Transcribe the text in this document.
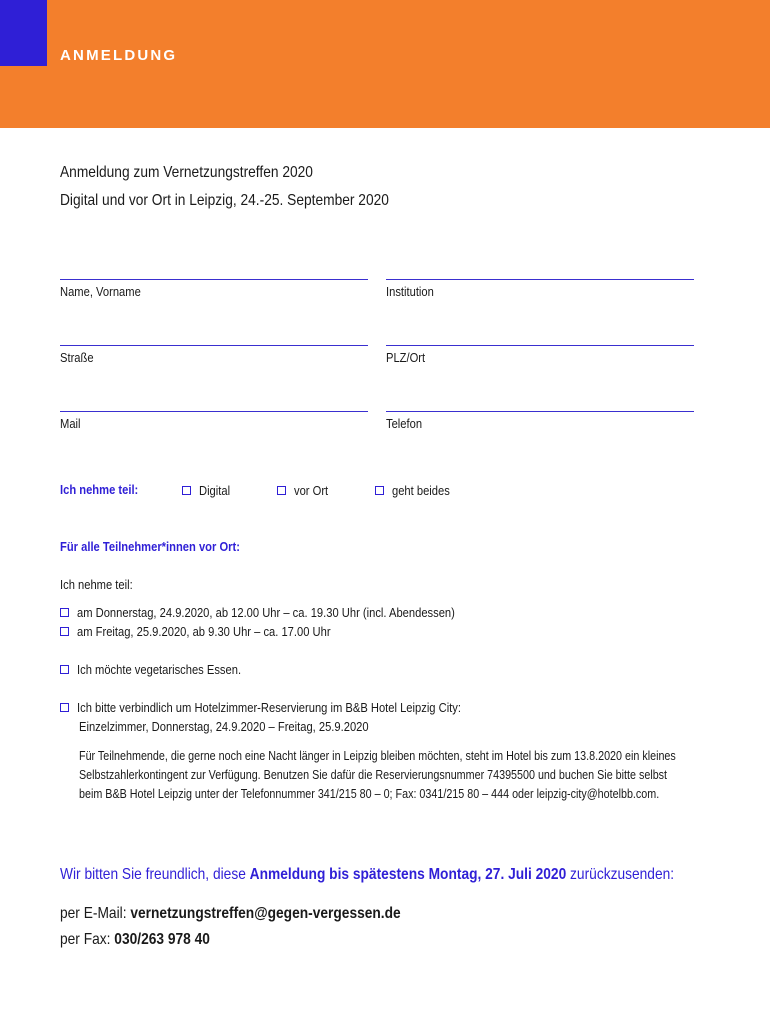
ANMELDUNG
Anmeldung zum Vernetzungstreffen 2020
Digital und vor Ort in Leipzig, 24.-25. September 2020
Name, Vorname	Institution
Straße	PLZ/Ort
Mail	Telefon
Ich nehme teil:	Digital	vor Ort	geht beides
Für alle Teilnehmer*innen vor Ort:
Ich nehme teil:
am Donnerstag, 24.9.2020, ab 12.00 Uhr – ca. 19.30 Uhr (incl. Abendessen)
am Freitag, 25.9.2020, ab 9.30 Uhr – ca. 17.00 Uhr
Ich möchte vegetarisches Essen.
Ich bitte verbindlich um Hotelzimmer-Reservierung im B&B Hotel Leipzig City:
Einzelzimmer, Donnerstag, 24.9.2020 – Freitag, 25.9.2020
Für Teilnehmende, die gerne noch eine Nacht länger in Leipzig bleiben möchten, steht im Hotel bis zum 13.8.2020 ein kleines
Selbstzahlerkontingent zur Verfügung. Benutzen Sie dafür die Reservierungsnummer 74395500 und buchen Sie bitte selbst
beim B&B Hotel Leipzig unter der Telefonnummer 341/215 80 – 0; Fax: 0341/215 80 – 444 oder leipzig-city@hotelbb.com.
Wir bitten Sie freundlich, diese Anmeldung bis spätestens Montag, 27. Juli 2020 zurückzusenden:
per E-Mail: vernetzungstreffen@gegen-vergessen.de
per Fax: 030/263 978 40
